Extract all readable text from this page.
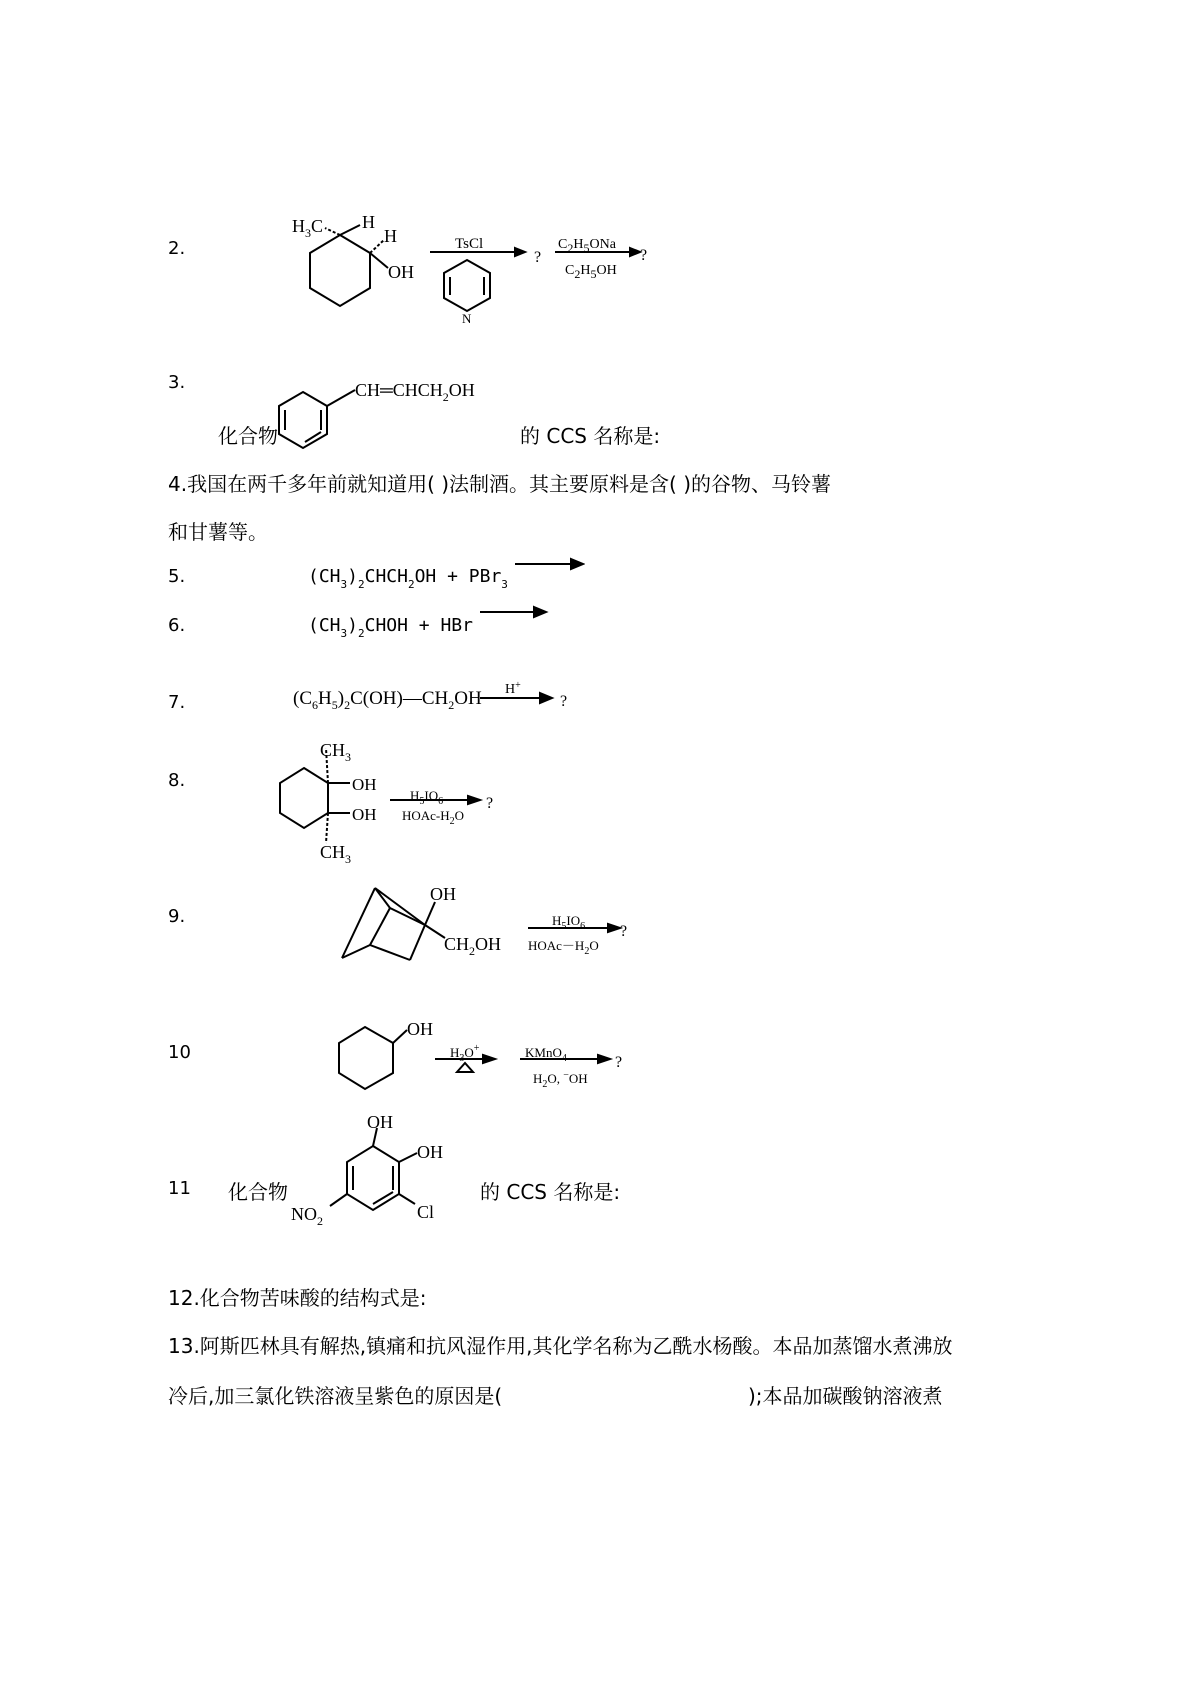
2.
$H_3C$ H
H
OH
TsCl
N
?
C2H5ONa
?
C2H5OH
3.
化合物
$CH═CHCH_2OH$
的 CCS 名称是:
4.我国在两千多年前就知道用( )法制酒。其主要原料是含( )的谷物、马铃薯
和甘薯等。
5.	$(CH_3)_2CHCH_2OH + PBr_3$
6.	$(CH_3)_2CHOH$ + HBr
7.	$(C_6H_5)_2C(OH)—CH_2OH$ H+
?
8.
$CH_3$
OH
OH
$CH_3$
$H_5IO_6$	?
HOAc-$H_2O$
9.
OH
$CH_2OH$
$H_5IO_6$ ?
$HOAc-H_2O$
10
OH
$H_3O^+$	KMnO$_4$	?
$H_2O$, −OH
11 化合物
OH
OH
$NO_2$	Cl
的 CCS 名称是:
12.化合物苦味酸的结构式是:
13.阿斯匹林具有解热,镇痛和抗风湿作用,其化学名称为乙酰水杨酸。本品加蒸馏水煮沸放
冷后,加三氯化铁溶液呈紫色的原因是(	);本品加碳酸钠溶液煮
